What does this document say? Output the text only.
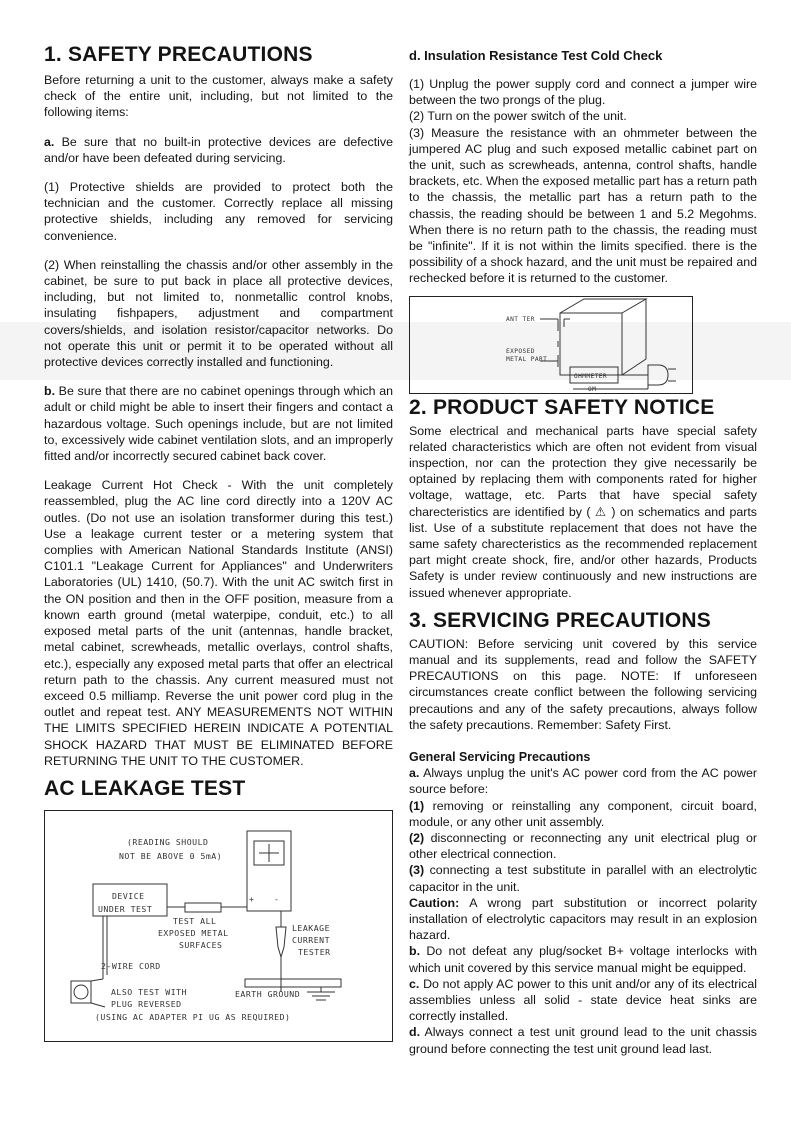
1. SAFETY PRECAUTIONS

Before returning a unit to the customer, always make a safety check of the entire unit, including, but not limited to the following items:

a. Be sure that no built-in protective devices are defective and/or have been defeated during servicing.

(1) Protective shields are provided to protect both the technician and the customer. Correctly replace all missing protective shields, including any removed for servicing convenience.

(2) When reinstalling the chassis and/or other assembly in the cabinet, be sure to put back in place all protective devices, including, but not limited to, nonmetallic control knobs, insulating fishpapers, adjustment and compartment covers/shields, and isolation resistor/capacitor networks. Do not operate this unit or permit it to be operated without all protective devices correctly installed and functioning.

b. Be sure that there are no cabinet openings through which an adult or child might be able to insert their fingers and contact a hazardous voltage. Such openings include, but are not limited to, excessively wide cabinet ventilation slots, and an improperly fitted and/or incorrectly secured cabinet back cover.

Leakage Current Hot Check - With the unit completely reassembled, plug the AC line cord directly into a 120V AC outles. (Do not use an isolation transformer during this test.) Use a leakage current tester or a metering system that complies with American National Standards Institute (ANSI) C101.1 "Leakage Current for Appliances" and Underwriters Laboratories (UL) 1410, (50.7). With the unit AC switch first in the ON position and then in the OFF position, measure from a known earth ground (metal waterpipe, conduit, etc.) to all exposed metal parts of the unit (antennas, handle bracket, metal cabinet, screwheads, metallic overlays, control shafts, etc.), especially any exposed metal parts that offer an electrical return path to the chassis. Any current measured must not exceed 0.5 milliamp. Reverse the unit power cord plug in the outlet and repeat test. ANY MEASUREMENTS NOT WITHIN THE LIMITS SPECIFIED HEREIN INDICATE A POTENTIAL SHOCK HAZARD THAT MUST BE ELIMINATED BEFORE RETURNING THE UNIT TO THE CUSTOMER.

AC LEAKAGE TEST
(READING SHOULD
NOT BE ABOVE 0 5mA)
DEVICE
UNDER TEST
+ -
TEST ALL
EXPOSED METAL
SURFACES
LEAKAGE
CURRENT
TESTER
2-WIRE CORD
ALSO TEST WITH
PLUG REVERSED
(USING AC ADAPTER PI UG AS REQUIRED)
EARTH GROUND
d. Insulation Resistance Test Cold Check

(1) Unplug the power supply cord and connect a jumper wire between the two prongs of the plug.

(2) Turn on the power switch of the unit.

(3) Measure the resistance with an ohmmeter between the jumpered AC plug and such exposed metallic cabinet part on the unit, such as screwheads, antenna, control shafts, handle brackets, etc. When the exposed metallic part has a return path to the chassis, the metallic part has a return path to the chassis, the reading should be between 1 and 5.2 Megohms. When there is no return path to the chassis, the reading must be "infinite". If it is not within the limits specified. there is the possibility of a shock hazard, and the unit must be repaired and rechecked before it is returned to the customer.

ANT TER
EXPOSED
METAL PART
OHMMETER
OM
2. PRODUCT SAFETY NOTICE

Some electrical and mechanical parts have special safety related characteristics which are often not evident from visual inspection, nor can the protection they give necessarily be optained by replacing them with components rated for higher voltage, wattage, etc. Parts that have special safety charecteristics are identified by ( ⚠ ) on schematics and parts list. Use of a substitute replacement that does not have the same safety charecteristics as the recommended replacement part might create shock, fire, and/or other hazards, Products Safety is under review continuously and new instructions are issued whenever appropriate.

3. SERVICING PRECAUTIONS

CAUTION: Before servicing unit covered by this service manual and its supplements, read and follow the SAFETY PRECAUTIONS on this page. NOTE: If unforeseen circumstances create conflict between the following servicing precautions and any of the safety precautions, always follow the safety precautions. Remember: Safety First.

General Servicing Precautions

a. Always unplug the unit's AC power cord from the AC power source before:

(1) removing or reinstalling any component, circuit board, module, or any other unit assembly.

(2) disconnecting or reconnecting any unit electrical plug or other electrical connection.

(3) connecting a test substitute in parallel with an electrolytic capacitor in the unit.

Caution: A wrong part substitution or incorrect polarity installation of electrolytic capacitors may result in an explosion hazard.

b. Do not defeat any plug/socket B+ voltage interlocks with which unit covered by this service manual might be equipped.

c. Do not apply AC power to this unit and/or any of its electrical assemblies unless all solid - state device heat sinks are correctly installed.

d. Always connect a test unit ground lead to the unit chassis ground before connecting the test unit ground lead last.
